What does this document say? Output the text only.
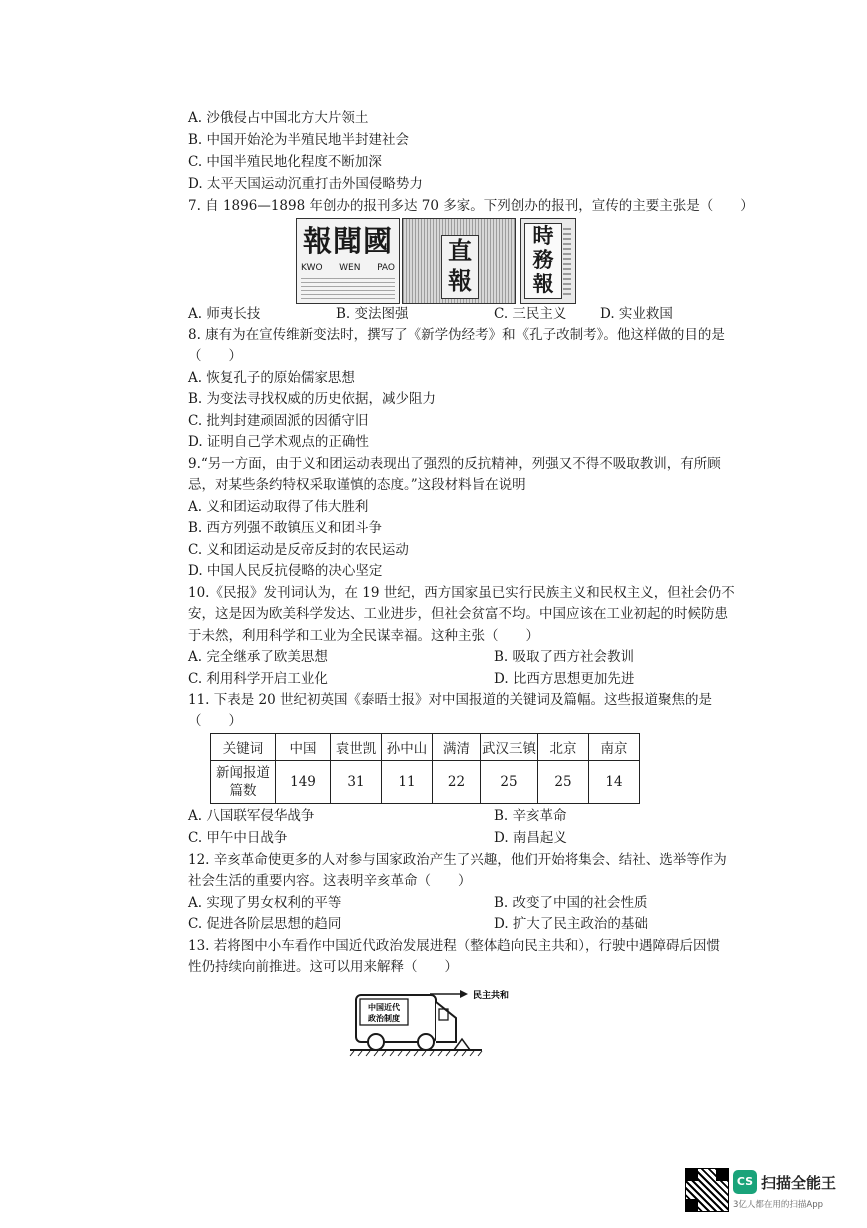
A. 沙俄侵占中国北方大片领土
B. 中国开始沦为半殖民地半封建社会
C. 中国半殖民地化程度不断加深
D. 太平天国运动沉重打击外国侵略势力
7. 自 1896—1898 年创办的报刊多达 70 多家。下列创办的报刊，宣传的主要主张是（　　）
報聞國
KWO WEN PAO
直
報
時
務
報
A. 师夷长技	B. 变法图强	C. 三民主义 D. 实业救国
8. 康有为在宣传维新变法时，撰写了《新学伪经考》和《孔子改制考》。他这样做的目的是
（　　）
A. 恢复孔子的原始儒家思想
B. 为变法寻找权威的历史依据，减少阻力
C. 批判封建顽固派的因循守旧
D. 证明自己学术观点的正确性
9.“另一方面，由于义和团运动表现出了强烈的反抗精神，列强又不得不吸取教训，有所顾
忌，对某些条约特权采取谨慎的态度。”这段材料旨在说明
A. 义和团运动取得了伟大胜利
B. 西方列强不敢镇压义和团斗争
C. 义和团运动是反帝反封的农民运动
D. 中国人民反抗侵略的决心坚定
10.《民报》发刊词认为，在 19 世纪，西方国家虽已实行民族主义和民权主义，但社会仍不
安，这是因为欧美科学发达、工业进步，但社会贫富不均。中国应该在工业初起的时候防患
于未然，利用科学和工业为全民谋幸福。这种主张（　　）
A. 完全继承了欧美思想	B. 吸取了西方社会教训
C. 利用科学开启工业化	D. 比西方思想更加先进
11. 下表是 20 世纪初英国《泰晤士报》对中国报道的关键词及篇幅。这些报道聚焦的是
（　　）
关键词	中国	袁世凯	孙中山	满清	武汉三镇	北京	南京

新闻报道
篇数	149	31	11	22	25	25	14
A. 八国联军侵华战争	B. 辛亥革命
C. 甲午中日战争	D. 南昌起义
12. 辛亥革命使更多的人对参与国家政治产生了兴趣，他们开始将集会、结社、选举等作为
社会生活的重要内容。这表明辛亥革命（　　）
A. 实现了男女权利的平等	B. 改变了中国的社会性质
C. 促进各阶层思想的趋同	D. 扩大了民主政治的基础
13. 若将图中小车看作中国近代政治发展进程（整体趋向民主共和），行驶中遇障碍后因惯
性仍持续向前推进。这可以用来解释（　　）
中国近代
政治制度
民主共和
CS 扫描全能王
3亿人都在用的扫描App
